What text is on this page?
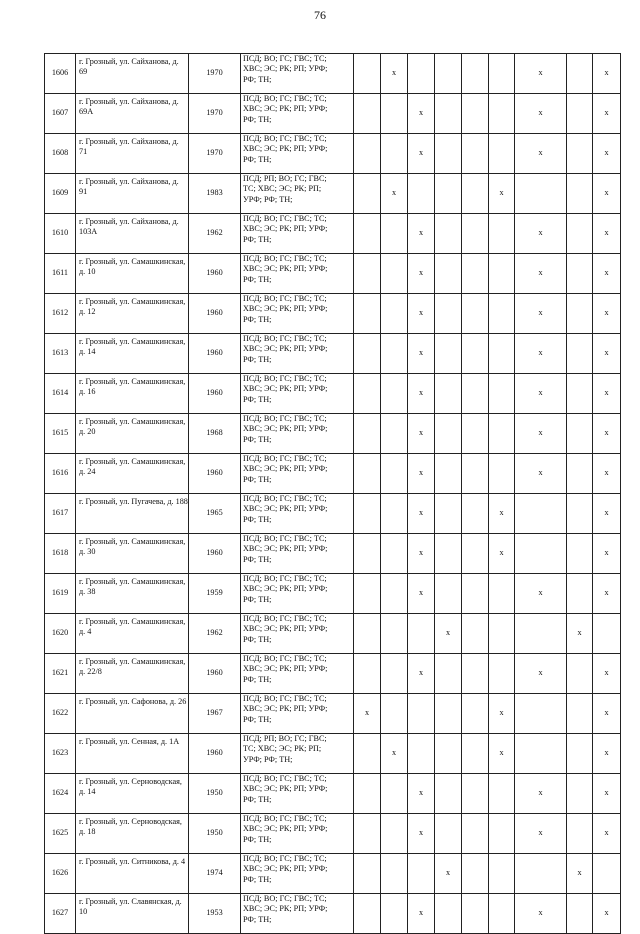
76
1606	г. Грозный, ул. Сайханова, д. 69	1970	ПСД; ВО; ГС; ГВС; ТС;
ХВС; ЭС; РК; РП; УРФ;
РФ; ТН;		x					x		x
1607	г. Грозный, ул. Сайханова, д. 69А	1970	ПСД; ВО; ГС; ГВС; ТС;
ХВС; ЭС; РК; РП; УРФ;
РФ; ТН;			x				x		x
1608	г. Грозный, ул. Сайханова, д. 71	1970	ПСД; ВО; ГС; ГВС; ТС;
ХВС; ЭС; РК; РП; УРФ;
РФ; ТН;			x				x		x
1609	г. Грозный, ул. Сайханова, д. 91	1983	ПСД; РП; ВО; ГС; ГВС;
ТС; ХВС; ЭС; РК; РП;
УРФ; РФ; ТН;		x				x			x
1610	г. Грозный, ул. Сайханова, д. 103А	1962	ПСД; ВО; ГС; ГВС; ТС;
ХВС; ЭС; РК; РП; УРФ;
РФ; ТН;			x				x		x
1611	г. Грозный, ул. Самашкинская, д. 10	1960	ПСД; ВО; ГС; ГВС; ТС;
ХВС; ЭС; РК; РП; УРФ;
РФ; ТН;			x				x		x
1612	г. Грозный, ул. Самашкинская, д. 12	1960	ПСД; ВО; ГС; ГВС; ТС;
ХВС; ЭС; РК; РП; УРФ;
РФ; ТН;			x				x		x
1613	г. Грозный, ул. Самашкинская, д. 14	1960	ПСД; ВО; ГС; ГВС; ТС;
ХВС; ЭС; РК; РП; УРФ;
РФ; ТН;			x				x		x
1614	г. Грозный, ул. Самашкинская, д. 16	1960	ПСД; ВО; ГС; ГВС; ТС;
ХВС; ЭС; РК; РП; УРФ;
РФ; ТН;			x				x		x
1615	г. Грозный, ул. Самашкинская, д. 20	1968	ПСД; ВО; ГС; ГВС; ТС;
ХВС; ЭС; РК; РП; УРФ;
РФ; ТН;			x				x		x
1616	г. Грозный, ул. Самашкинская, д. 24	1960	ПСД; ВО; ГС; ГВС; ТС;
ХВС; ЭС; РК; РП; УРФ;
РФ; ТН;			x				x		x
1617	г. Грозный, ул. Пугачева, д. 188	1965	ПСД; ВО; ГС; ГВС; ТС;
ХВС; ЭС; РК; РП; УРФ;
РФ; ТН;			x			x			x
1618	г. Грозный, ул. Самашкинская, д. 30	1960	ПСД; ВО; ГС; ГВС; ТС;
ХВС; ЭС; РК; РП; УРФ;
РФ; ТН;			x			x			x
1619	г. Грозный, ул. Самашкинская, д. 38	1959	ПСД; ВО; ГС; ГВС; ТС;
ХВС; ЭС; РК; РП; УРФ;
РФ; ТН;			x				x		x
1620	г. Грозный, ул. Самашкинская, д. 4	1962	ПСД; ВО; ГС; ГВС; ТС;
ХВС; ЭС; РК; РП; УРФ;
РФ; ТН;				x				x	
1621	г. Грозный, ул. Самашкинская, д. 22/8	1960	ПСД; ВО; ГС; ГВС; ТС;
ХВС; ЭС; РК; РП; УРФ;
РФ; ТН;			x				x		x
1622	г. Грозный, ул. Сафонова, д. 26	1967	ПСД; ВО; ГС; ГВС; ТС;
ХВС; ЭС; РК; РП; УРФ;
РФ; ТН;	x					x			x
1623	г. Грозный, ул. Сенная, д. 1А	1960	ПСД; РП; ВО; ГС; ГВС;
ТС; ХВС; ЭС; РК; РП;
УРФ; РФ; ТН;		x				x			x
1624	г. Грозный, ул. Серноводская, д. 14	1950	ПСД; ВО; ГС; ГВС; ТС;
ХВС; ЭС; РК; РП; УРФ;
РФ; ТН;			x				x		x
1625	г. Грозный, ул. Серноводская, д. 18	1950	ПСД; ВО; ГС; ГВС; ТС;
ХВС; ЭС; РК; РП; УРФ;
РФ; ТН;			x				x		x
1626	г. Грозный, ул. Ситникова, д. 4	1974	ПСД; ВО; ГС; ГВС; ТС;
ХВС; ЭС; РК; РП; УРФ;
РФ; ТН;				x				x	
1627	г. Грозный, ул. Славянская, д. 10	1953	ПСД; ВО; ГС; ГВС; ТС;
ХВС; ЭС; РК; РП; УРФ;
РФ; ТН;			x				x		x
